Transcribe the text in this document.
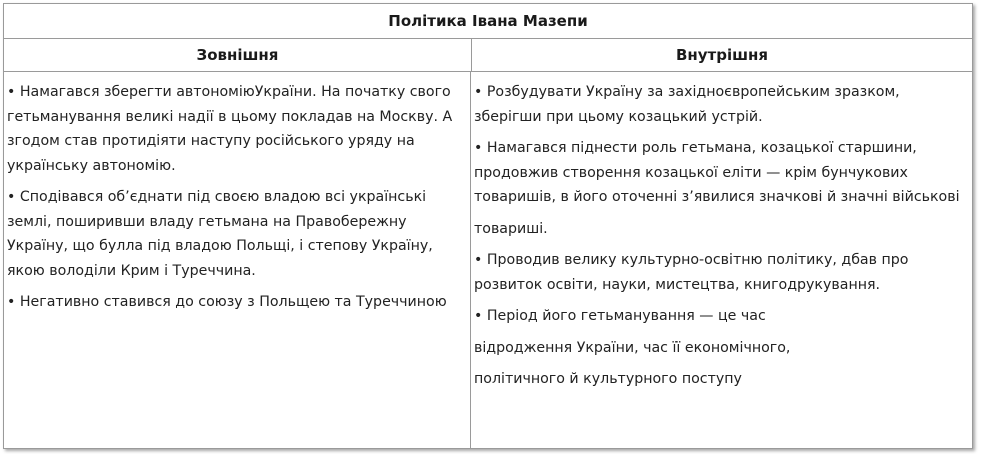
Політика Івана Мазепи
Зовнішня	Внутрішня
• Намагався зберегти автономіюУкраїни. На початку свого гетьманування великі надії в цьому покладав на Москву. А згодом став протидіяти наступу російського уряду на українську автономію.
• Сподівався об’єднати під своєю владою всі українські землі, поширивши владу гетьмана на Правобережну Україну, що булла під владою Польщі, і степову Україну, якою володіли Крим і Туреччина.
• Негативно ставився до союзу з Польщею та Туреччиною
• Розбудувати Україну за західноєвропейським зразком, зберігши при цьому козацький устрій.
• Намагався піднести роль гетьмана, козацької старшини, продовжив створення козацької еліти — крім бунчукових товаришів, в його оточенні з’явилися значкові й значні військові
товариші.
• Проводив велику культурно-освітню політику, дбав про розвиток освіти, науки, мистецтва, книгодрукування.
• Період його гетьманування — це час
відродження України, час її економічного,
політичного й культурного поступу
